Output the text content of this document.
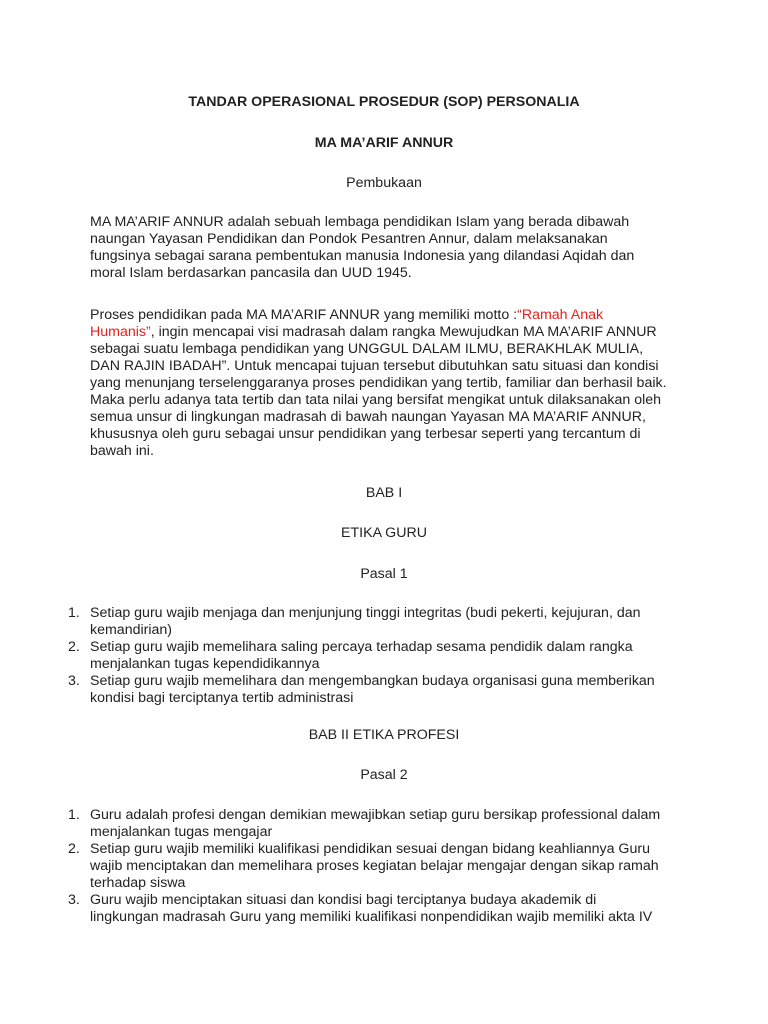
TANDAR OPERASIONAL PROSEDUR (SOP) PERSONALIA
MA MA’ARIF ANNUR
Pembukaan
MA MA’ARIF ANNUR adalah sebuah lembaga pendidikan Islam yang berada dibawah
naungan Yayasan Pendidikan dan Pondok Pesantren Annur, dalam melaksanakan
fungsinya sebagai sarana pembentukan manusia Indonesia yang dilandasi Aqidah dan
moral Islam berdasarkan pancasila dan UUD 1945.
Proses pendidikan pada MA MA’ARIF ANNUR yang memiliki motto :“Ramah Anak
Humanis”, ingin mencapai visi madrasah dalam rangka Mewujudkan MA MA’ARIF ANNUR
sebagai suatu lembaga pendidikan yang UNGGUL DALAM ILMU, BERAKHLAK MULIA,
DAN RAJIN IBADAH”. Untuk mencapai tujuan tersebut dibutuhkan satu situasi dan kondisi
yang menunjang terselenggaranya proses pendidikan yang tertib, familiar dan berhasil baik.
Maka perlu adanya tata tertib dan tata nilai yang bersifat mengikat untuk dilaksanakan oleh
semua unsur di lingkungan madrasah di bawah naungan Yayasan MA MA’ARIF ANNUR,
khususnya oleh guru sebagai unsur pendidikan yang terbesar seperti yang tercantum di
bawah ini.
BAB I
ETIKA GURU
Pasal 1
1. Setiap guru wajib menjaga dan menjunjung tinggi integritas (budi pekerti, kejujuran, dan
kemandirian)
2. Setiap guru wajib memelihara saling percaya terhadap sesama pendidik dalam rangka
menjalankan tugas kependidikannya
3. Setiap guru wajib memelihara dan mengembangkan budaya organisasi guna memberikan
kondisi bagi terciptanya tertib administrasi
BAB II ETIKA PROFESI
Pasal 2
1. Guru adalah profesi dengan demikian mewajibkan setiap guru bersikap professional dalam
menjalankan tugas mengajar
2. Setiap guru wajib memiliki kualifikasi pendidikan sesuai dengan bidang keahliannya Guru
wajib menciptakan dan memelihara proses kegiatan belajar mengajar dengan sikap ramah
terhadap siswa
3. Guru wajib menciptakan situasi dan kondisi bagi terciptanya budaya akademik di
lingkungan madrasah Guru yang memiliki kualifikasi nonpendidikan wajib memiliki akta IV
